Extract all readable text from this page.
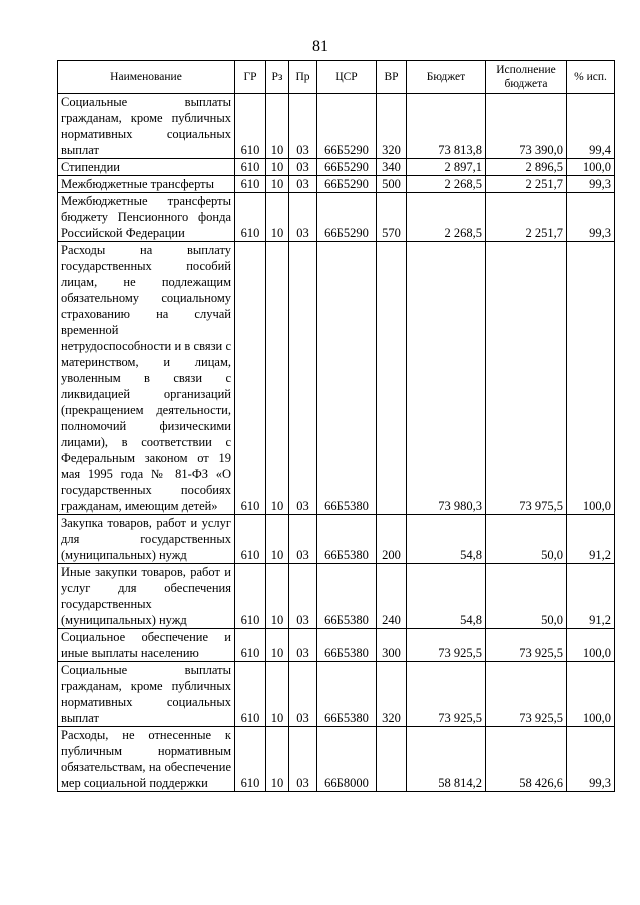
81
Наименование	ГР	Рз	Пр	ЦСР	ВР	Бюджет	Исполнение бюджета	% исп.
Социальные выплаты гражданам, кроме публичных нормативных социальных выплат	610	10	03	66Б5290	320	73 813,8	73 390,0	99,4
Стипендии	610	10	03	66Б5290	340	2 897,1	2 896,5	100,0
Межбюджетные трансферты	610	10	03	66Б5290	500	2 268,5	2 251,7	99,3
Межбюджетные трансферты бюджету Пенсионного фонда Российской Федерации	610	10	03	66Б5290	570	2 268,5	2 251,7	99,3
Расходы на выплату государственных пособий лицам, не подлежащим обязательному социальному страхованию на случай временной нетрудоспособности и в связи с материнством, и лицам, уволенным в связи с ликвидацией организаций (прекращением деятельности, полномочий физическими лицами), в соответствии с Федеральным законом от 19 мая 1995 года № 81-ФЗ «О государственных пособиях гражданам, имеющим детей»	610	10	03	66Б5380		73 980,3	73 975,5	100,0
Закупка товаров, работ и услуг для государственных (муниципальных) нужд	610	10	03	66Б5380	200	54,8	50,0	91,2
Иные закупки товаров, работ и услуг для обеспечения государственных (муниципальных) нужд	610	10	03	66Б5380	240	54,8	50,0	91,2
Социальное обеспечение и иные выплаты населению	610	10	03	66Б5380	300	73 925,5	73 925,5	100,0
Социальные выплаты гражданам, кроме публичных нормативных социальных выплат	610	10	03	66Б5380	320	73 925,5	73 925,5	100,0
Расходы, не отнесенные к публичным нормативным обязательствам, на обеспечение мер социальной поддержки	610	10	03	66Б8000		58 814,2	58 426,6	99,3
